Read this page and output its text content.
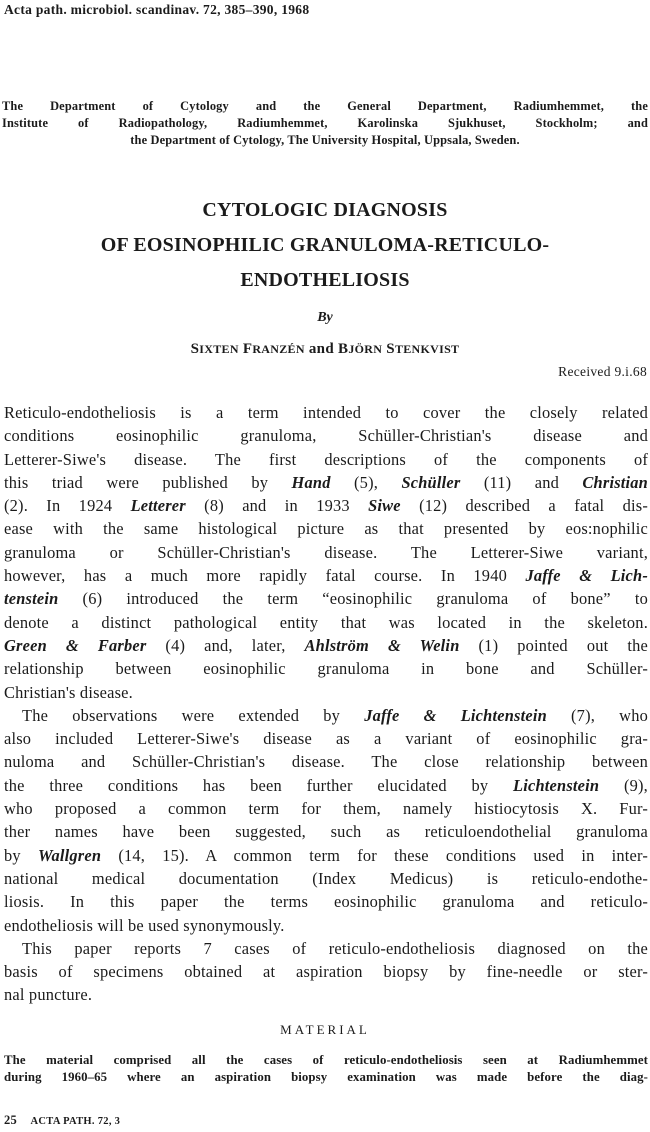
Acta path. microbiol. scandinav. 72, 385–390, 1968
The Department of Cytology and the General Department, Radiumhemmet, the
Institute of Radiopathology, Radiumhemmet, Karolinska Sjukhuset, Stockholm; and
the Department of Cytology, The University Hospital, Uppsala, Sweden.
CYTOLOGIC DIAGNOSIS
OF EOSINOPHILIC GRANULOMA-RETICULO-
ENDOTHELIOSIS
By
SIXTEN FRANZÉN and BJÖRN STENKVIST
Received 9.i.68
Reticulo-endotheliosis is a term intended to cover the closely related
conditions eosinophilic granuloma, Schüller-Christian's disease and
Letterer-Siwe's disease. The first descriptions of the components of
this triad were published by Hand (5), Schüller (11) and Christian
(2). In 1924 Letterer (8) and in 1933 Siwe (12) described a fatal dis-
ease with the same histological picture as that presented by eos:nophilic
granuloma or Schüller-Christian's disease. The Letterer-Siwe variant,
however, has a much more rapidly fatal course. In 1940 Jaffe & Lich-
tenstein (6) introduced the term “eosinophilic granuloma of bone” to
denote a distinct pathological entity that was located in the skeleton.
Green & Farber (4) and, later, Ahlström & Welin (1) pointed out the
relationship between eosinophilic granuloma in bone and Schüller-
Christian's disease.
The observations were extended by Jaffe & Lichtenstein (7), who
also included Letterer-Siwe's disease as a variant of eosinophilic gra-
nuloma and Schüller-Christian's disease. The close relationship between
the three conditions has been further elucidated by Lichtenstein (9),
who proposed a common term for them, namely histiocytosis X. Fur-
ther names have been suggested, such as reticuloendothelial granuloma
by Wallgren (14, 15). A common term for these conditions used in inter-
national medical documentation (Index Medicus) is reticulo-endothe-
liosis. In this paper the terms eosinophilic granuloma and reticulo-
endotheliosis will be used synonymously.
This paper reports 7 cases of reticulo-endotheliosis diagnosed on the
basis of specimens obtained at aspiration biopsy by fine-needle or ster-
nal puncture.
MATERIAL
The material comprised all the cases of reticulo-endotheliosis seen at Radiumhemmet
during 1960–65 where an aspiration biopsy examination was made before the diag-
25 ACTA PATH. 72, 3
